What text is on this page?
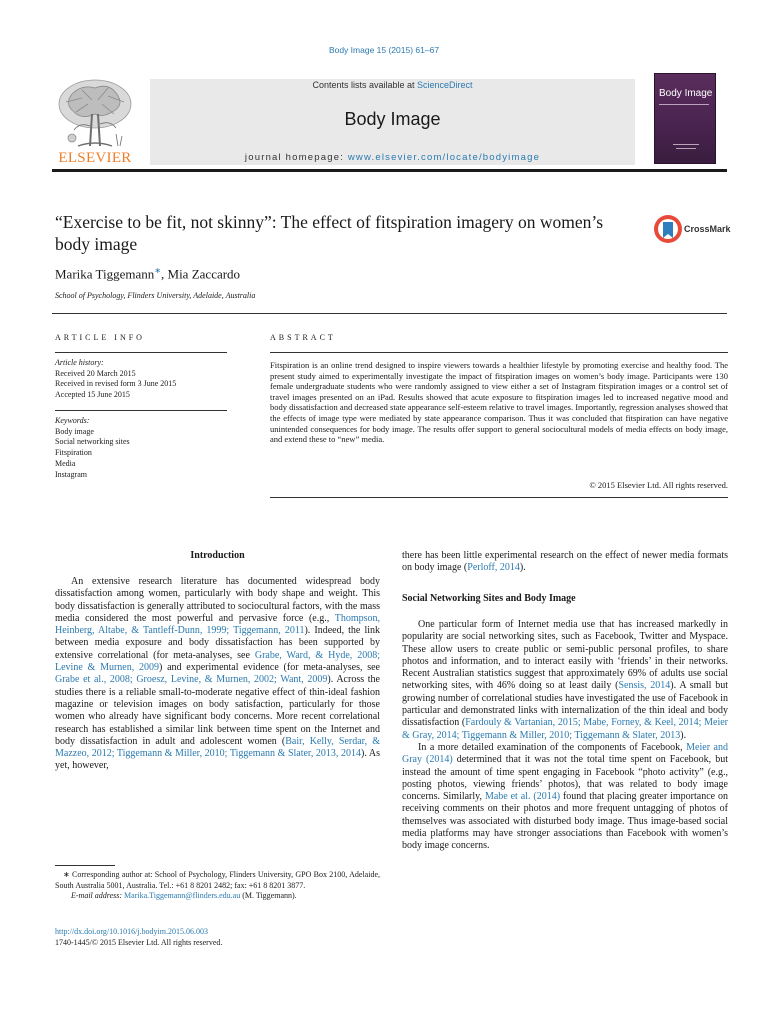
Body Image 15 (2015) 61–67
ELSEVIER
Contents lists available at ScienceDirect
Body Image
journal homepage: www.elsevier.com/locate/bodyimage
Body Image
“Exercise to be fit, not skinny”: The effect of fitspiration imagery on women’s body image
CrossMark
Marika Tiggemann∗, Mia Zaccardo
School of Psychology, Flinders University, Adelaide, Australia
ARTICLE INFO
Article history:
Received 20 March 2015
Received in revised form 3 June 2015
Accepted 15 June 2015
Keywords:
Body image
Social networking sites
Fitspiration
Media
Instagram
ABSTRACT
Fitspiration is an online trend designed to inspire viewers towards a healthier lifestyle by promoting exercise and healthy food. The present study aimed to experimentally investigate the impact of fitspiration images on women’s body image. Participants were 130 female undergraduate students who were randomly assigned to view either a set of Instagram fitspiration images or a control set of travel images presented on an iPad. Results showed that acute exposure to fitspiration images led to increased negative mood and body dissatisfaction and decreased state appearance self-esteem relative to travel images. Importantly, regression analyses showed that the effects of image type were mediated by state appearance comparison. Thus it was concluded that fitspiration can have negative unintended consequences for body image. The results offer support to general sociocultural models of media effects on body image, and extend these to “new” media.
© 2015 Elsevier Ltd. All rights reserved.
Introduction

An extensive research literature has documented widespread body dissatisfaction among women, particularly with body shape and weight. This body dissatisfaction is generally attributed to sociocultural factors, with the mass media considered the most powerful and pervasive force (e.g., Thompson, Heinberg, Altabe, & Tantleff-Dunn, 1999; Tiggemann, 2011). Indeed, the link between media exposure and body dissatisfaction has been supported by extensive correlational (for meta-analyses, see Grabe, Ward, & Hyde, 2008; Levine & Murnen, 2009) and experimental evidence (for meta-analyses, see Grabe et al., 2008; Groesz, Levine, & Murnen, 2002; Want, 2009). Across the studies there is a reliable small-to-moderate negative effect of thin-ideal fashion magazine or television images on body satisfaction, particularly for those women who already have significant body concerns. More recent correlational research has established a similar link between time spent on the Internet and body dissatisfaction in adult and adolescent women (Bair, Kelly, Serdar, & Mazzeo, 2012; Tiggemann & Miller, 2010; Tiggemann & Slater, 2013, 2014). As yet, however,

∗ Corresponding author at: School of Psychology, Flinders University, GPO Box 2100, Adelaide, South Australia 5001, Australia. Tel.: +61 8 8201 2482; fax: +61 8 8201 3877.
E-mail address: Marika.Tiggemann@flinders.edu.au (M. Tiggemann).
http://dx.doi.org/10.1016/j.bodyim.2015.06.003
1740-1445/© 2015 Elsevier Ltd. All rights reserved.

there has been little experimental research on the effect of newer media formats on body image (Perloff, 2014).

Social Networking Sites and Body Image

One particular form of Internet media use that has increased markedly in popularity are social networking sites, such as Facebook, Twitter and Myspace. These allow users to create public or semi-public personal profiles, to share photos and information, and to interact easily with ‘friends’ in their networks. Recent Australian statistics suggest that approximately 69% of adults use social networking sites, with 46% doing so at least daily (Sensis, 2014). A small but growing number of correlational studies have investigated the use of Facebook in particular and demonstrated links with internalization of the thin ideal and body dissatisfaction (Fardouly & Vartanian, 2015; Mabe, Forney, & Keel, 2014; Meier & Gray, 2014; Tiggemann & Miller, 2010; Tiggemann & Slater, 2013).

In a more detailed examination of the components of Facebook, Meier and Gray (2014) determined that it was not the total time spent on Facebook, but instead the amount of time spent engaging in Facebook “photo activity” (e.g., posting photos, viewing friends’ photos), that was related to body image concerns. Similarly, Mabe et al. (2014) found that placing greater importance on receiving comments on their photos and more frequent untagging of photos of themselves was associated with disturbed body image. Thus image-based social media platforms may have stronger associations than Facebook with women’s body image concerns.
